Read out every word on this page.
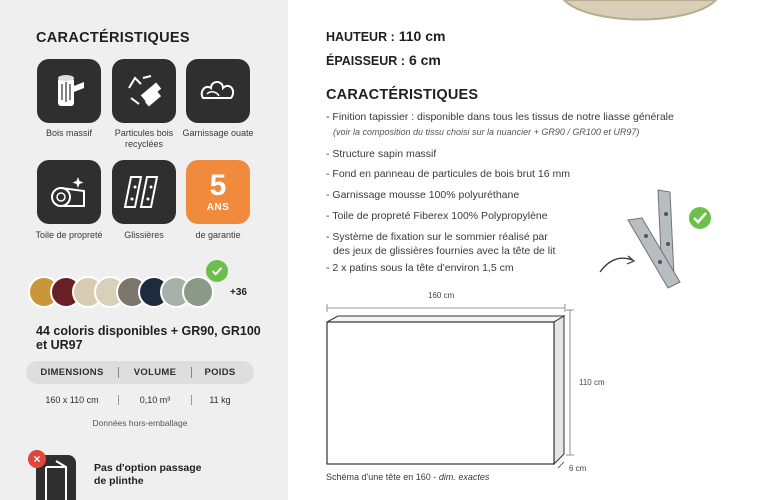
CARACTÉRISTIQUES
Bois massif	Particules bois recyclées
Garnissage ouate
Toile de propreté	Glissières
5
ANS
de garantie
+36
44 coloris disponibles + GR90, GR100 et UR97
DIMENSIONS	VOLUME	POIDS
160 x 110 cm	0,10 m³	11 kg
Données hors-emballage
×
Pas d'option passage de plinthe
HAUTEUR : 110 cm
ÉPAISSEUR : 6 cm
CARACTÉRISTIQUES
- Finition tapissier : disponible dans tous les tissus de notre liasse générale
(voir la composition du tissu choisi sur la nuancier + GR90 / GR100 et UR97)
- Structure sapin massif
- Fond en panneau de particules de bois brut 16 mm
- Garnissage mousse 100% polyuréthane
- Toile de propreté Fiberex 100% Polypropylène
- Système de fixation sur le sommier réalisé par
des jeux de glissières fournies avec la tête de lit
- 2 x patins sous la tête d'environ 1,5 cm
160 cm
110 cm
6 cm
Schéma d'une tête en 160 - dim. exactes
